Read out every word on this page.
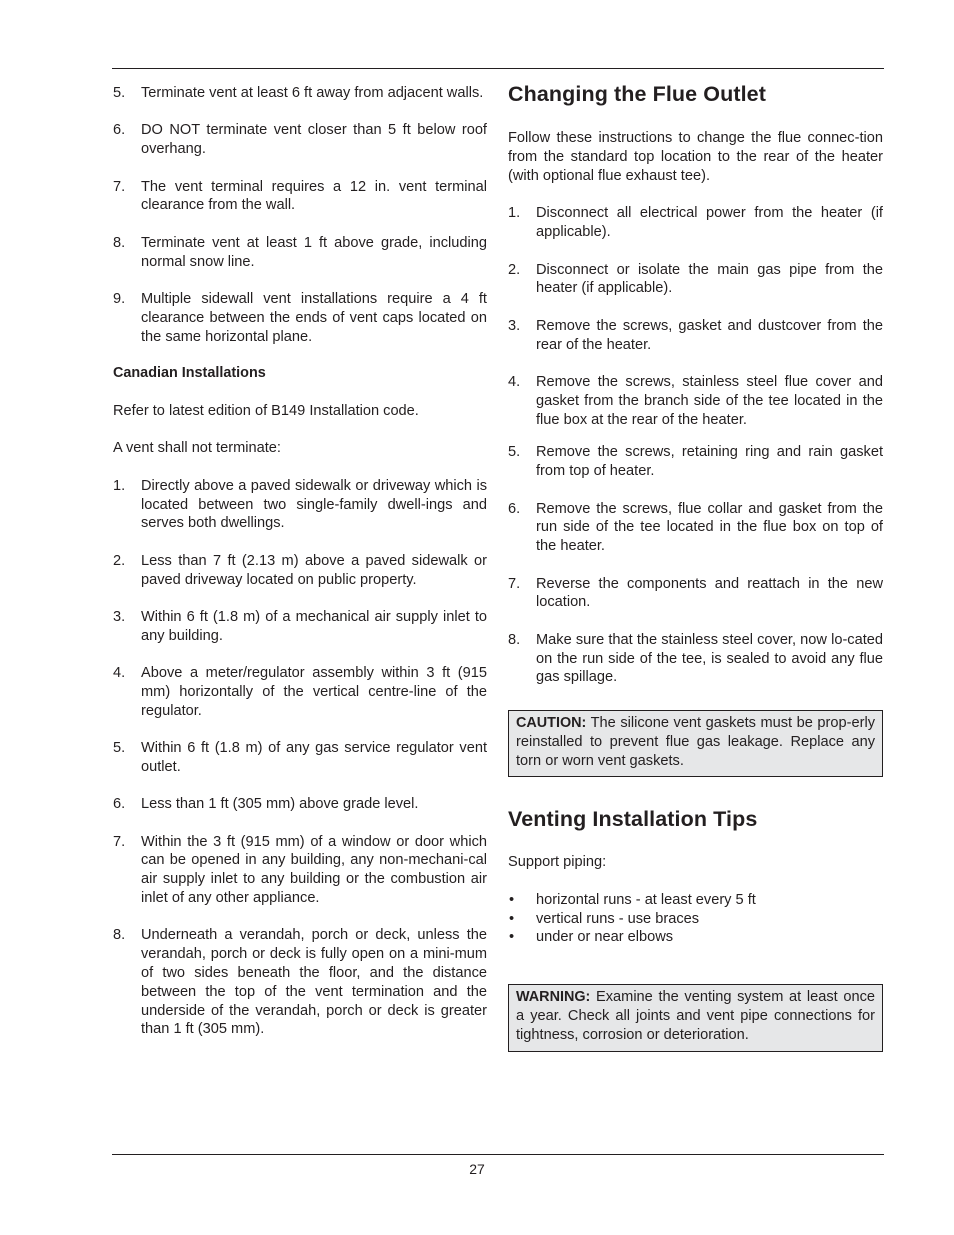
5. Terminate vent at least 6 ft away from adjacent walls.
6. DO NOT terminate vent closer than 5 ft below roof overhang.
7. The vent terminal requires a 12 in. vent terminal clearance from the wall.
8. Terminate vent at least 1 ft above grade, including normal snow line.
9. Multiple sidewall vent installations require a 4 ft clearance between the ends of vent caps located on the same horizontal plane.
Canadian Installations

Refer to latest edition of B149 Installation code.

A vent shall not terminate:

1. Directly above a paved sidewalk or driveway which is located between two single-family dwell-ings and serves both dwellings.
2. Less than 7 ft (2.13 m) above a paved sidewalk or paved driveway located on public property.
3. Within 6 ft (1.8 m) of a mechanical air supply inlet to any building.
4. Above a meter/regulator assembly within 3 ft (915 mm) horizontally of the vertical centre-line of the regulator.
5. Within 6 ft (1.8 m) of any gas service regulator vent outlet.
6. Less than 1 ft (305 mm) above grade level.
7. Within the 3 ft (915 mm) of a window or door which can be opened in any building, any non-mechani-cal air supply inlet to any building or the combustion air inlet of any other appliance.
8. Underneath a verandah, porch or deck, unless the verandah, porch or deck is fully open on a mini-mum of two sides beneath the floor, and the distance between the top of the vent termination and the underside of the verandah, porch or deck is greater than 1 ft (305 mm).
Changing the Flue Outlet

Follow these instructions to change the flue connec-tion from the standard top location to the rear of the heater (with optional flue exhaust tee).

1. Disconnect all electrical power from the heater (if applicable).
2. Disconnect or isolate the main gas pipe from the heater (if applicable).
3. Remove the screws, gasket and dustcover from the rear of the heater.
4. Remove the screws, stainless steel flue cover and gasket from the branch side of the tee located in the flue box at the rear of the heater.
5. Remove the screws, retaining ring and rain gasket from top of heater.
6. Remove the screws, flue collar and gasket from the run side of the tee located in the flue box on top of the heater.
7. Reverse the components and reattach in the new location.
8. Make sure that the stainless steel cover, now lo-cated on the run side of the tee, is sealed to avoid any flue gas spillage.
CAUTION: The silicone vent gaskets must be prop-erly reinstalled to prevent flue gas leakage. Replace any torn or worn vent gaskets.
Venting Installation Tips

Support piping:

• horizontal runs - at least every 5 ft
• vertical runs - use braces
• under or near elbows
WARNING: Examine the venting system at least once a year. Check all joints and vent pipe connections for tightness, corrosion or deterioration.
27
